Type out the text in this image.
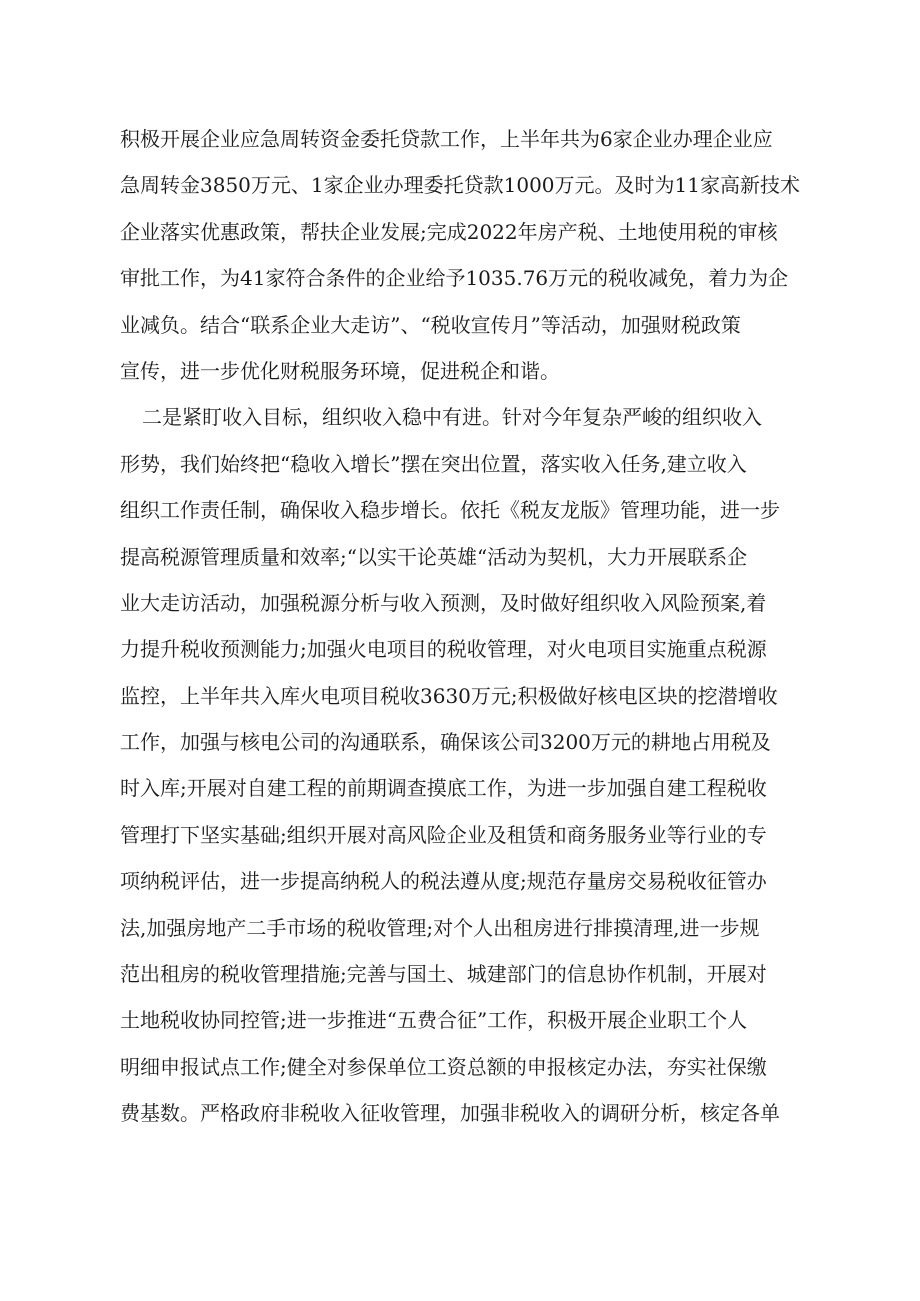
积极开展企业应急周转资金委托贷款工作，上半年共为6家企业办理企业应
急周转金3850万元、1家企业办理委托贷款1000万元。及时为11家高新技术
企业落实优惠政策，帮扶企业发展;完成2022年房产税、土地使用税的审核
审批工作，为41家符合条件的企业给予1035.76万元的税收减免，着力为企
业减负。结合“联系企业大走访”、“税收宣传月”等活动，加强财税政策
宣传，进一步优化财税服务环境，促进税企和谐。
二是紧盯收入目标，组织收入稳中有进。针对今年复杂严峻的组织收入
形势，我们始终把“稳收入增长”摆在突出位置，落实收入任务,建立收入
组织工作责任制，确保收入稳步增长。依托《税友龙版》管理功能，进一步
提高税源管理质量和效率;“以实干论英雄“活动为契机，大力开展联系企
业大走访活动，加强税源分析与收入预测，及时做好组织收入风险预案,着
力提升税收预测能力;加强火电项目的税收管理，对火电项目实施重点税源
监控，上半年共入库火电项目税收3630万元;积极做好核电区块的挖潜增收
工作，加强与核电公司的沟通联系，确保该公司3200万元的耕地占用税及
时入库;开展对自建工程的前期调查摸底工作，为进一步加强自建工程税收
管理打下坚实基础;组织开展对高风险企业及租赁和商务服务业等行业的专
项纳税评估，进一步提高纳税人的税法遵从度;规范存量房交易税收征管办
法,加强房地产二手市场的税收管理;对个人出租房进行排摸清理,进一步规
范出租房的税收管理措施;完善与国土、城建部门的信息协作机制，开展对
土地税收协同控管;进一步推进“五费合征”工作，积极开展企业职工个人
明细申报试点工作;健全对参保单位工资总额的申报核定办法，夯实社保缴
费基数。严格政府非税收入征收管理，加强非税收入的调研分析，核定各单
